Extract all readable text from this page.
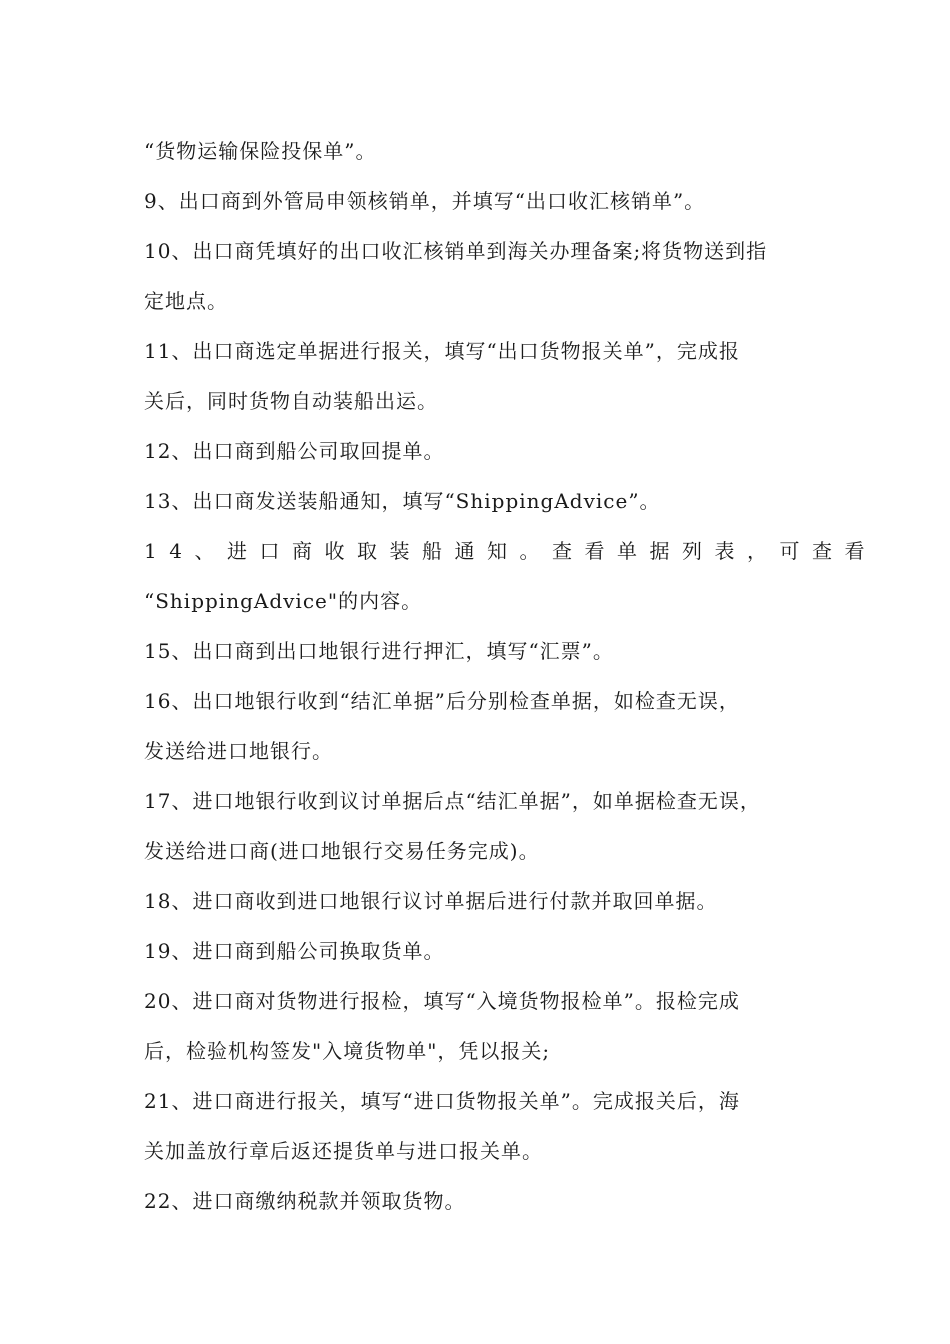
“货物运输保险投保单”。
9、出口商到外管局申领核销单，并填写“出口收汇核销单”。
10、出口商凭填好的出口收汇核销单到海关办理备案;将货物送到指
定地点。
11、出口商选定单据进行报关，填写“出口货物报关单”，完成报
关后，同时货物自动装船出运。
12、出口商到船公司取回提单。
13、出口商发送装船通知，填写“ShippingAdvice”。
14、进口商收取装船通知。查看单据列表，可查看
“ShippingAdvice"的内容。
15、出口商到出口地银行进行押汇，填写“汇票”。
16、出口地银行收到“结汇单据”后分别检查单据，如检查无误，
发送给进口地银行。
17、进口地银行收到议讨单据后点“结汇单据”，如单据检查无误，
发送给进口商(进口地银行交易任务完成)。
18、进口商收到进口地银行议讨单据后进行付款并取回单据。
19、进口商到船公司换取货单。
20、进口商对货物进行报检，填写“入境货物报检单”。报检完成
后，检验机构签发"入境货物单"，凭以报关;
21、进口商进行报关，填写“进口货物报关单”。完成报关后，海
关加盖放行章后返还提货单与进口报关单。
22、进口商缴纳税款并领取货物。
